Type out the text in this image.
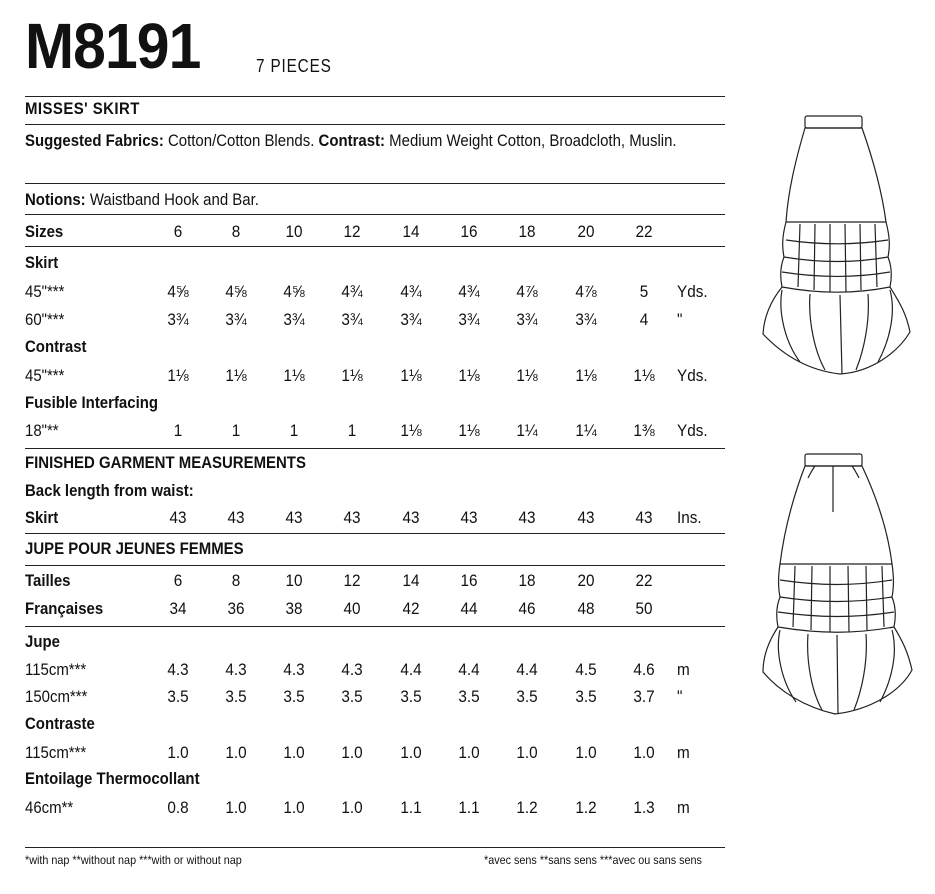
M8191	7 PIECES
MISSES' SKIRT
Suggested Fabrics: Cotton/Cotton Blends. Contrast: Medium Weight Cotton, Broadcloth, Muslin.
Notions: Waistband Hook and Bar.
Sizes	6	8	10	12	14	16	18	20	22
Skirt
45"***	4⅝	4⅝	4⅝	4¾	4¾	4¾	4⅞	4⅞	5	Yds.
60"***	3¾	3¾	3¾	3¾	3¾	3¾	3¾	3¾	4	"
Contrast
45"***	1⅛	1⅛	1⅛	1⅛	1⅛	1⅛	1⅛	1⅛	1⅛	Yds.
Fusible Interfacing
18"**	1	1	1	1	1⅛	1⅛	1¼	1¼	1⅜	Yds.
FINISHED GARMENT MEASUREMENTS
Back length from waist:
Skirt	43	43	43	43	43	43	43	43	43	Ins.
JUPE POUR JEUNES FEMMES
Tailles	6	8	10	12	14	16	18	20	22
Françaises	34	36	38	40	42	44	46	48	50
Jupe
115cm***	4.3	4.3	4.3	4.3	4.4	4.4	4.4	4.5	4.6	m
150cm***	3.5	3.5	3.5	3.5	3.5	3.5	3.5	3.5	3.7	"
Contraste
115cm***	1.0	1.0	1.0	1.0	1.0	1.0	1.0	1.0	1.0	m
Entoilage Thermocollant
46cm**	0.8	1.0	1.0	1.0	1.1	1.1	1.2	1.2	1.3	m
*with nap **without nap ***with or without nap	*avec sens **sans sens ***avec ou sans sens
